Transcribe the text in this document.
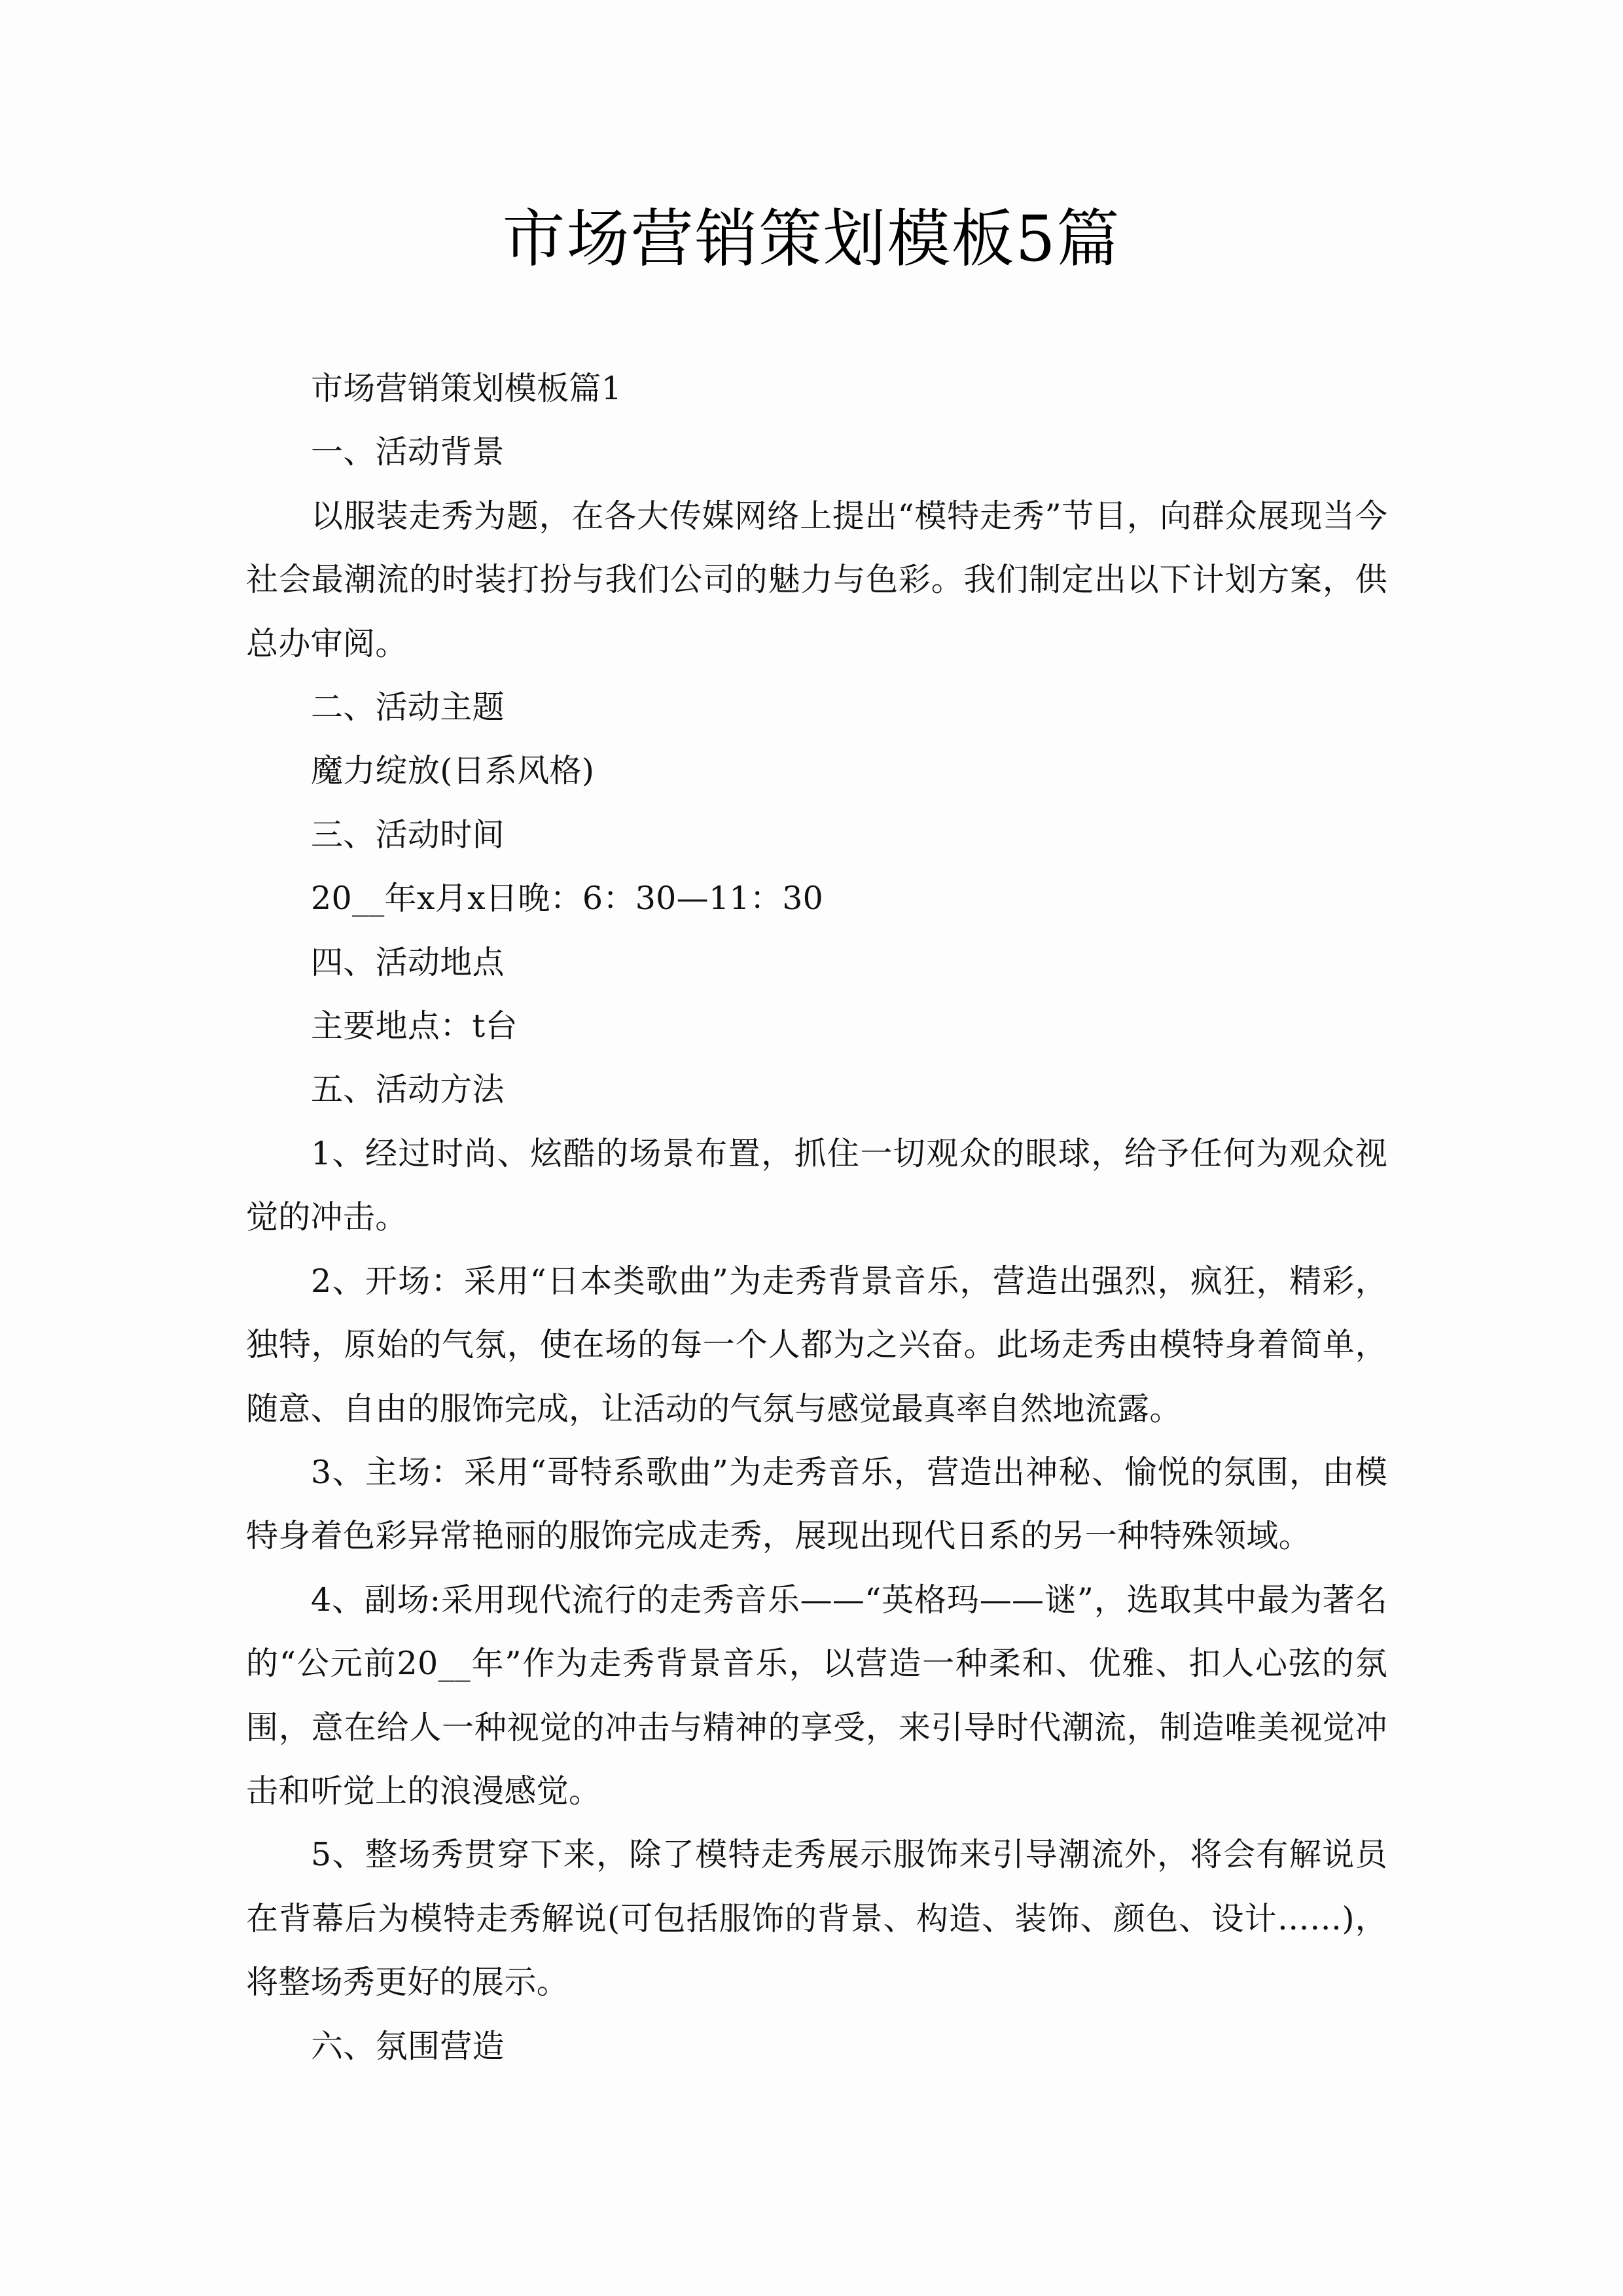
市场营销策划模板5篇

市场营销策划模板篇1

一、活动背景

以服装走秀为题，在各大传媒网络上提出“模特走秀”节目，向群众展现当今社会最潮流的时装打扮与我们公司的魅力与色彩。我们制定出以下计划方案，供总办审阅。

二、活动主题

魔力绽放(日系风格)

三、活动时间

20__年x月x日晚：6：30—11：30

四、活动地点

主要地点：t台

五、活动方法

1、经过时尚、炫酷的场景布置，抓住一切观众的眼球，给予任何为观众视觉的冲击。

2、开场：采用“日本类歌曲”为走秀背景音乐，营造出强烈，疯狂，精彩，独特，原始的气氛，使在场的每一个人都为之兴奋。此场走秀由模特身着简单，随意、自由的服饰完成，让活动的气氛与感觉最真率自然地流露。

3、主场：采用“哥特系歌曲”为走秀音乐，营造出神秘、愉悦的氛围，由模特身着色彩异常艳丽的服饰完成走秀，展现出现代日系的另一种特殊领域。

4、副场:采用现代流行的走秀音乐——“英格玛——谜”，选取其中最为著名的“公元前20__年”作为走秀背景音乐，以营造一种柔和、优雅、扣人心弦的氛围，意在给人一种视觉的冲击与精神的享受，来引导时代潮流，制造唯美视觉冲击和听觉上的浪漫感觉。

5、整场秀贯穿下来，除了模特走秀展示服饰来引导潮流外，将会有解说员在背幕后为模特走秀解说(可包括服饰的背景、构造、装饰、颜色、设计……)，将整场秀更好的展示。

六、氛围营造
